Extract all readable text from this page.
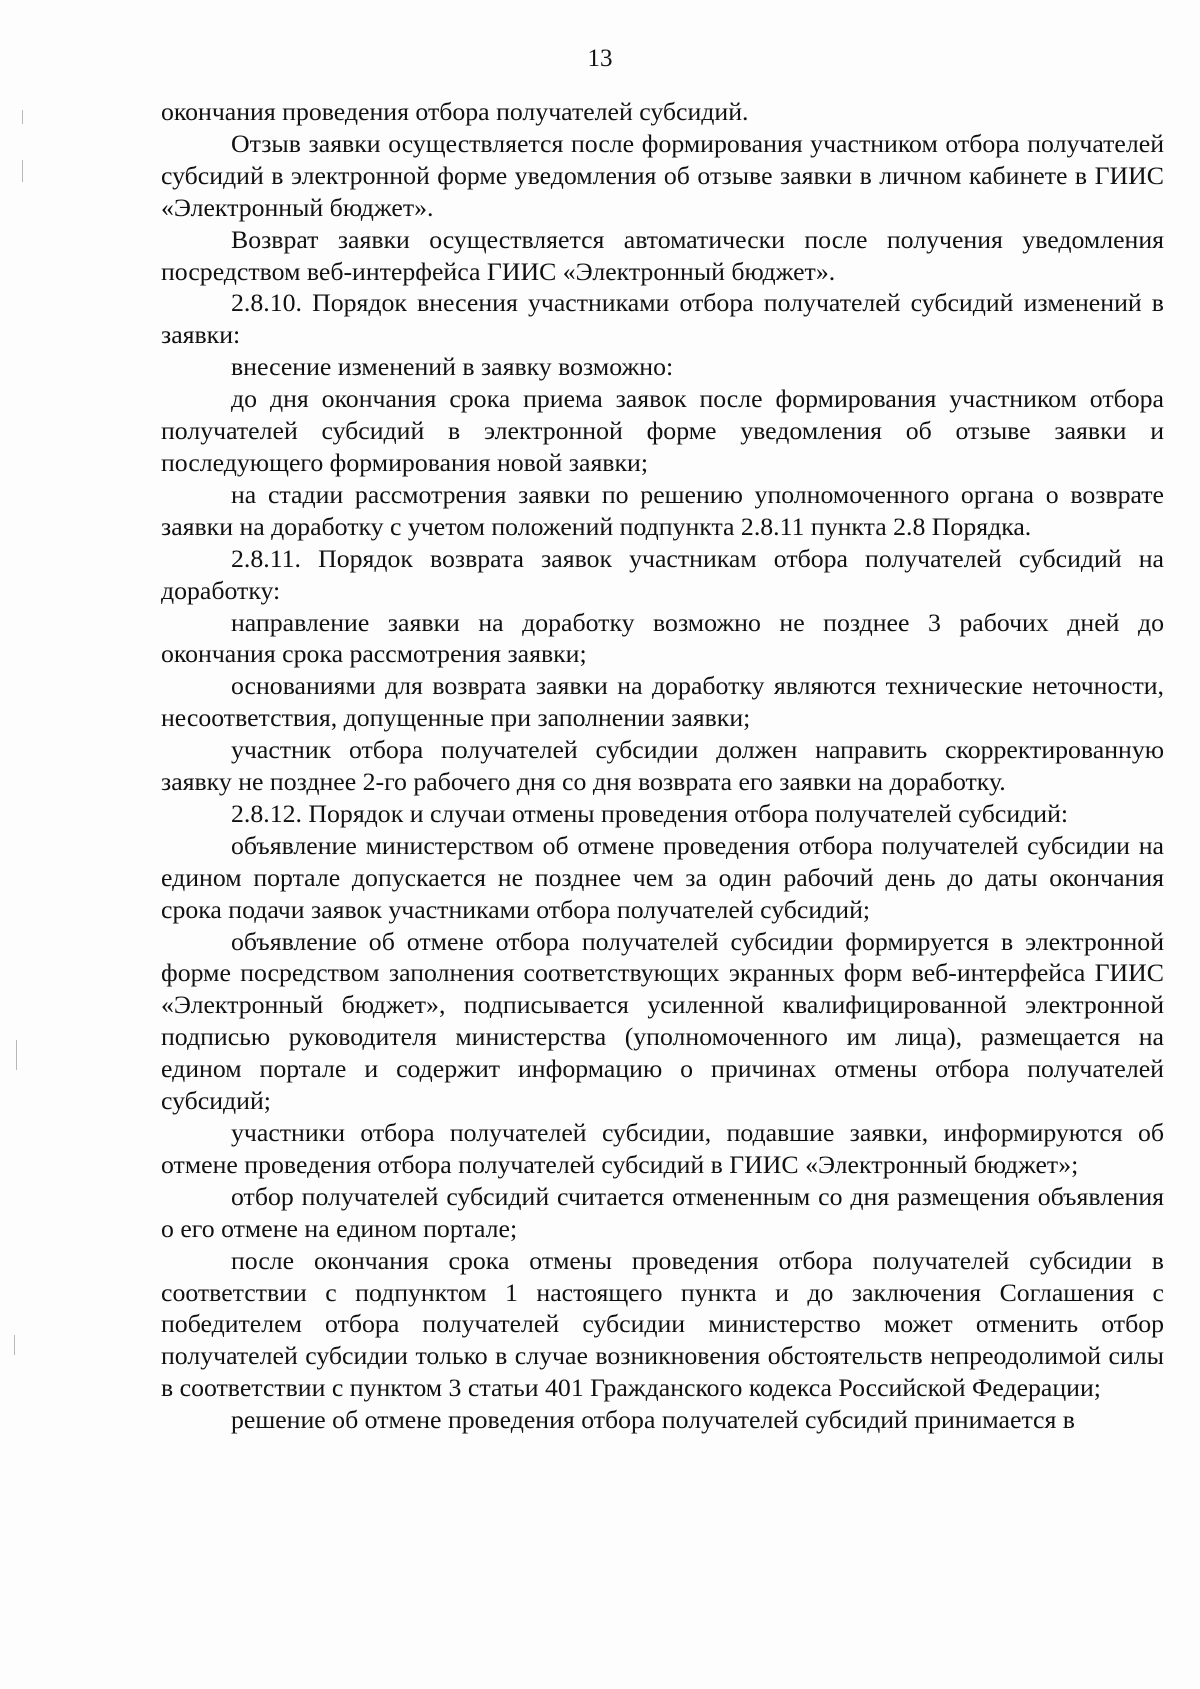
13

окончания проведения отбора получателей субсидий.

Отзыв заявки осуществляется после формирования участником отбора получателей субсидий в электронной форме уведомления об отзыве заявки в личном кабинете в ГИИС «Электронный бюджет».

Возврат заявки осуществляется автоматически после получения уведомления посредством веб-интерфейса ГИИС «Электронный бюджет».

2.8.10. Порядок внесения участниками отбора получателей субсидий изменений в заявки:

внесение изменений в заявку возможно:

до дня окончания срока приема заявок после формирования участником отбора получателей субсидий в электронной форме уведомления об отзыве заявки и последующего формирования новой заявки;

на стадии рассмотрения заявки по решению уполномоченного органа о возврате заявки на доработку с учетом положений подпункта 2.8.11 пункта 2.8 Порядка.

2.8.11. Порядок возврата заявок участникам отбора получателей субсидий на доработку:

направление заявки на доработку возможно не позднее 3 рабочих дней до окончания срока рассмотрения заявки;

основаниями для возврата заявки на доработку являются технические неточности, несоответствия, допущенные при заполнении заявки;

участник отбора получателей субсидии должен направить скорректированную заявку не позднее 2-го рабочего дня со дня возврата его заявки на доработку.

2.8.12. Порядок и случаи отмены проведения отбора получателей субсидий:

объявление министерством об отмене проведения отбора получателей субсидии на едином портале допускается не позднее чем за один рабочий день до даты окончания срока подачи заявок участниками отбора получателей субсидий;

объявление об отмене отбора получателей субсидии формируется в электронной форме посредством заполнения соответствующих экранных форм веб-интерфейса ГИИС «Электронный бюджет», подписывается усиленной квалифицированной электронной подписью руководителя министерства (уполномоченного им лица), размещается на едином портале и содержит информацию о причинах отмены отбора получателей субсидий;

участники отбора получателей субсидии, подавшие заявки, информируются об отмене проведения отбора получателей субсидий в ГИИС «Электронный бюджет»;

отбор получателей субсидий считается отмененным со дня размещения объявления о его отмене на едином портале;

после окончания срока отмены проведения отбора получателей субсидии в соответствии с подпунктом 1 настоящего пункта и до заключения Соглашения с победителем отбора получателей субсидии министерство может отменить отбор получателей субсидии только в случае возникновения обстоятельств непреодолимой силы в соответствии с пунктом 3 статьи 401 Гражданского кодекса Российской Федерации;

решение об отмене проведения отбора получателей субсидий принимается в
